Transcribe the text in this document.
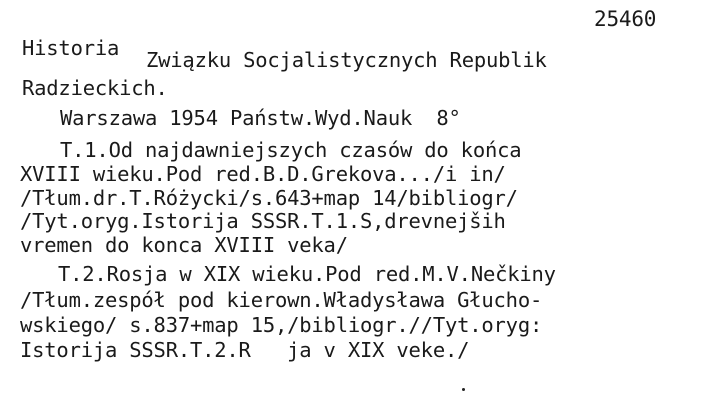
25460
Historia Związku Socjalistycznych Republik
Radzieckich.
Warszawa 1954 Państw.Wyd.Nauk  8°
T.1.Od najdawniejszych czasów do końca
XVIII wieku.Pod red.B.D.Grekova.../i in/
/Tłum.dr.T.Różycki/s.643+map 14/bibliogr/
/Tyt.oryg.Istorija SSSR.T.1.S,drevnejših
vremen do konca XVIII veka/
T.2.Rosja w XIX wieku.Pod red.M.V.Nečkiny
/Tłum.zespół pod kierown.Władysława Głucho-
wskiego/ s.837+map 15,/bibliogr.//Tyt.oryg:
Istorija SSSR.T.2.R   ja v XIX veke./
